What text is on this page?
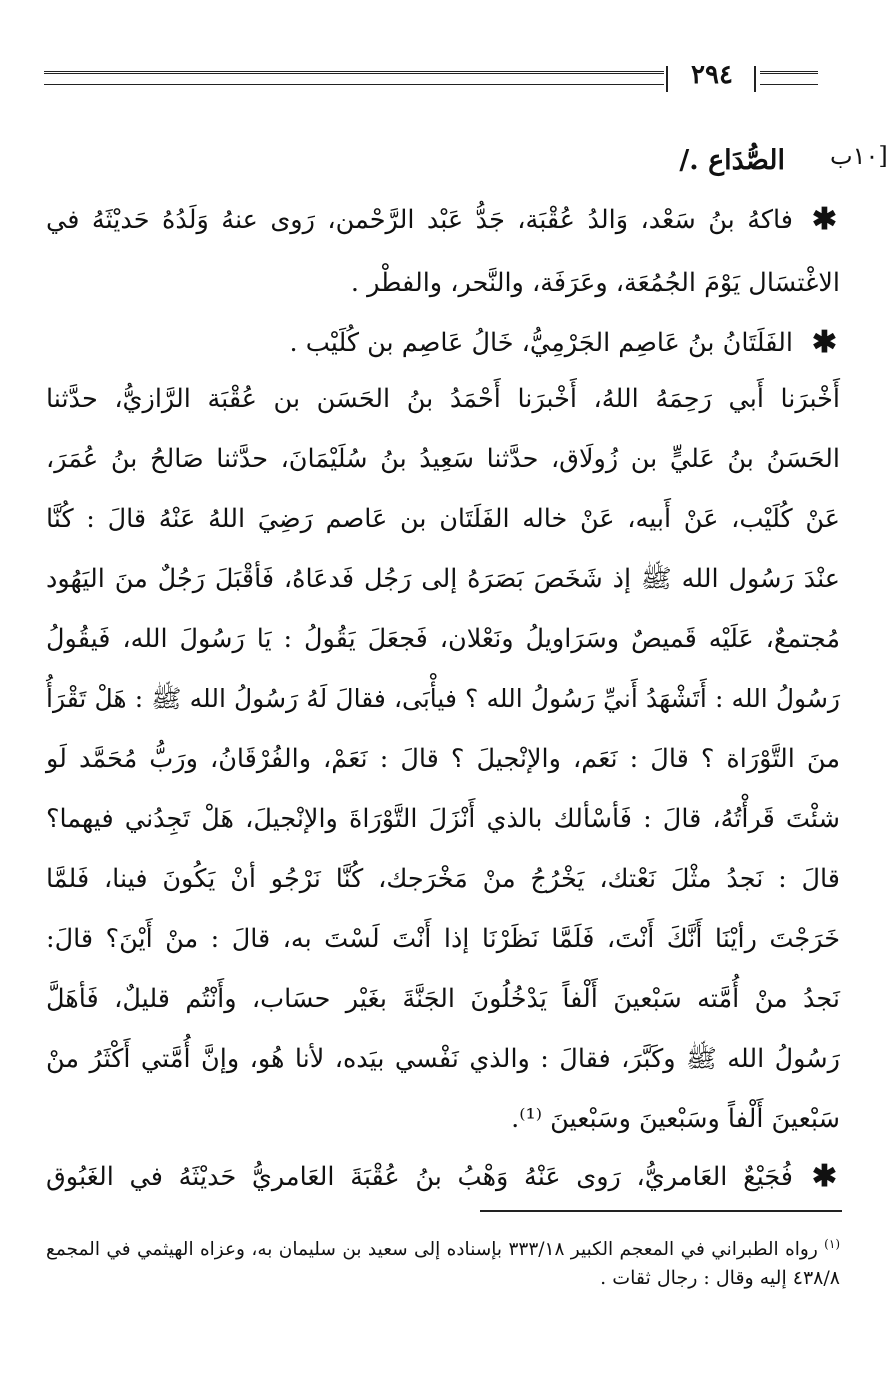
٢٩٤
١٠ب]
الصُّدَاع ./
✱
فاكهُ بنُ سَعْد، وَالدُ عُقْبَة، جَدُّ عَبْد الرَّحْمن، رَوى عنهُ وَلَدُهُ حَديْثَهُ في
الاغْتسَال يَوْمَ الجُمُعَة، وعَرَفَة، والنَّحر، والفطْر .
✱
الفَلَتَانُ بنُ عَاصِم الجَرْمِيُّ، خَالُ عَاصِم بن كُلَيْب .
أَخْبرَنا أَبي رَحِمَهُ اللهُ، أَخْبرَنا أَحْمَدُ بنُ الحَسَن بن عُقْبَة الرَّازيُّ، حدَّثنا
الحَسَنُ بنُ عَليٍّ بن زُولَاق، حدَّثنا سَعِيدُ بنُ سُلَيْمَانَ، حدَّثنا صَالحُ بنُ عُمَرَ،
عَنْ كُلَيْب، عَنْ أَبيه، عَنْ خاله الفَلَتَان بن عَاصم رَضِيَ اللهُ عَنْهُ قالَ : كُنَّا
عنْدَ رَسُول الله ﷺ إذ شَخَصَ بَصَرَهُ إلى رَجُل فَدعَاهُ، فَأقْبَلَ رَجُلٌ منَ اليَهُود
مُجتمعٌ، عَلَيْه قَميصٌ وسَرَاويلُ ونَعْلان، فَجعَلَ يَقُولُ : يَا رَسُولَ الله، فَيقُولُ
رَسُولُ الله : أَتَشْهَدُ أَنيِّ رَسُولُ الله ؟ فيأْبَى، فقالَ لَهُ رَسُولُ الله ﷺ : هَلْ تَقْرَأُ
منَ التَّوْرَاة ؟ قالَ : نَعَم، والإنْجيلَ ؟ قالَ : نَعَمْ، والفُرْقَانُ، ورَبُّ مُحَمَّد لَو
شئْتَ قَرأْتُهُ، قالَ : فَأسْألك بالذي أَنْزَلَ التَّوْرَاةَ والإنْجيلَ، هَلْ تَجِدُني فيهما؟
قالَ : نَجدُ مثْلَ نَعْتك، يَخْرُجُ منْ مَخْرَجك، كُنَّا نَرْجُو أنْ يَكُونَ فينا، فَلمَّا
خَرَجْتَ رأيْنَا أَنَّكَ أَنْتَ، فَلَمَّا نَظَرْنَا إذا أَنْتَ لَسْتَ به، قالَ : منْ أَيْنَ؟ قالَ:
نَجدُ منْ أُمَّته سَبْعينَ أَلْفاً يَدْخُلُونَ الجَنَّةَ بغَيْر حسَاب، وأَنْتُم قليلٌ، فَأهَلَّ
رَسُولُ الله ﷺ وكَبَّرَ، فقالَ : والذي نَفْسي بيَده، لأنا هُو، وإنَّ أُمَّتي أَكْثَرُ منْ
سَبْعينَ أَلْفاً وسَبْعينَ وسَبْعينَ ⁽¹⁾.
✱
فُجَيْعٌ العَامريُّ، رَوى عَنْهُ وَهْبُ بنُ عُقْبَةَ العَامريُّ حَديْثَهُ في الغَبُوق
$^{(١)}$ رواه الطبراني في المعجم الكبير ٣٣٣/١٨ بإسناده إلى سعيد بن سليمان به، وعزاه الهيثمي في المجمع
٤٣٨/٨ إليه وقال : رجال ثقات .
